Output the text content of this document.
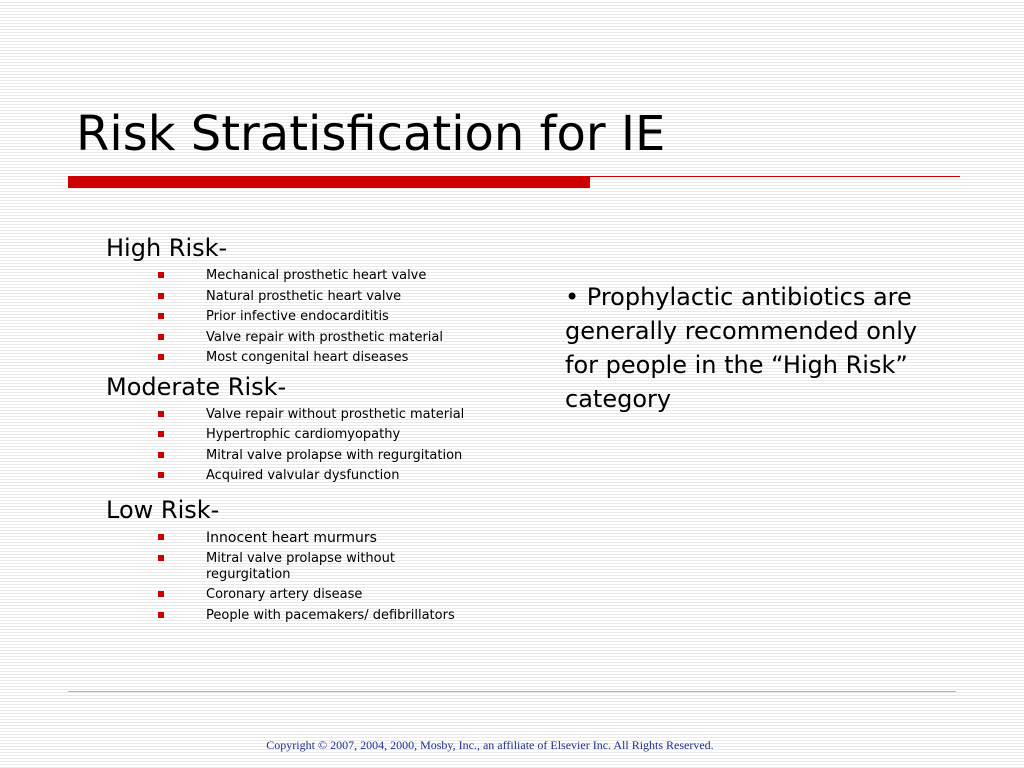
Risk Stratisfication for IE
High Risk-
Mechanical prosthetic heart valve
Natural prosthetic heart valve
Prior infective endocardititis
Valve repair with prosthetic material
Most congenital heart diseases
Moderate Risk-
Valve repair without prosthetic material
Hypertrophic cardiomyopathy
Mitral valve prolapse with regurgitation
Acquired valvular dysfunction
Low Risk-
Innocent heart murmurs
Mitral valve prolapse without regurgitation
Coronary artery disease
People with pacemakers/ defibrillators
• Prophylactic antibiotics are generally recommended only for people in the “High Risk” category
Copyright © 2007, 2004, 2000, Mosby, Inc., an affiliate of Elsevier Inc. All Rights Reserved.
